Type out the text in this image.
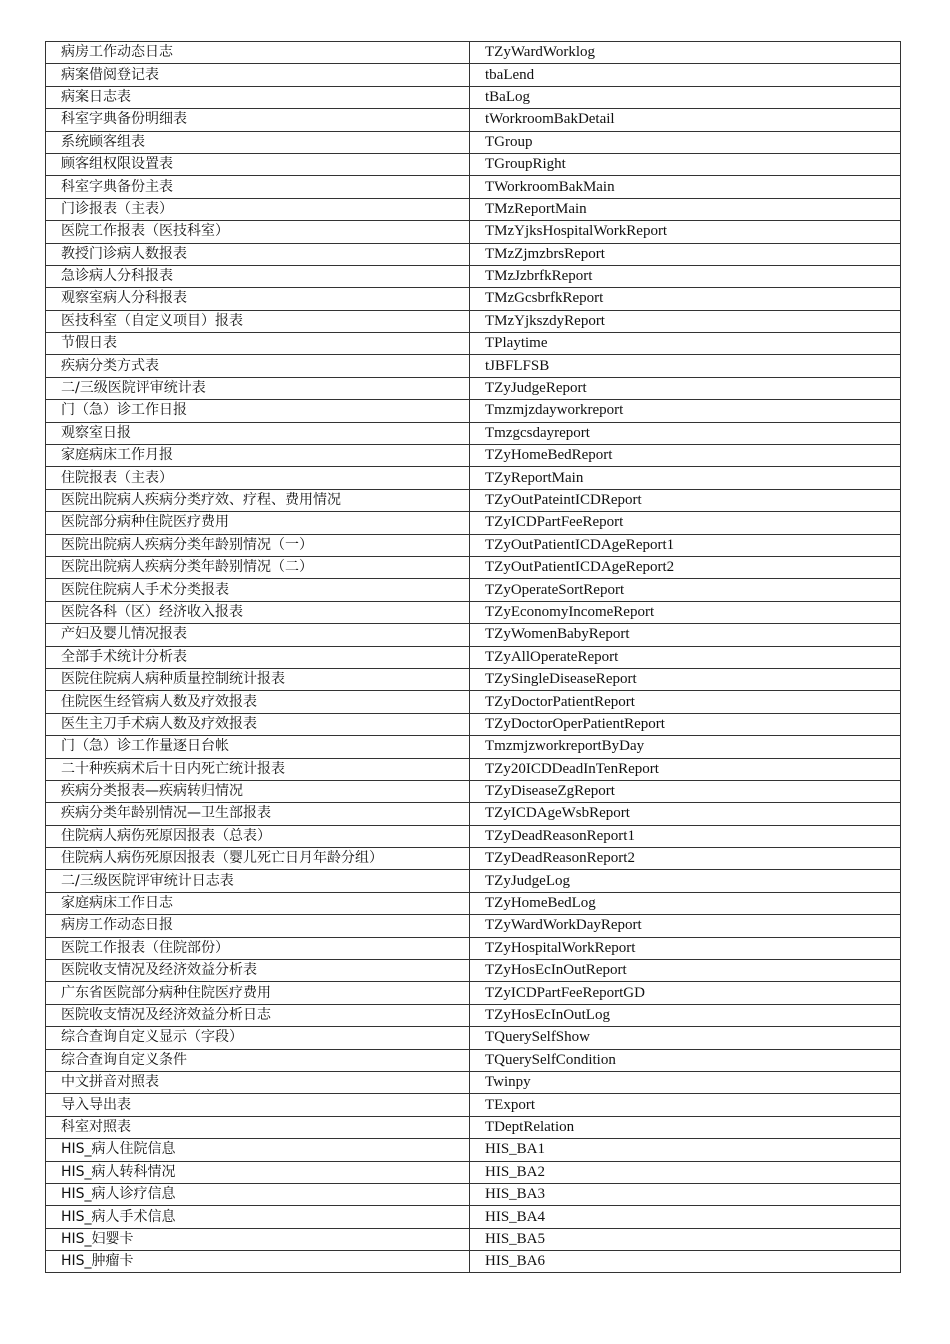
病房工作动态日志	TZyWardWorklog
病案借阅登记表	tbaLend
病案日志表	tBaLog
科室字典备份明细表	tWorkroomBakDetail
系统顾客组表	TGroup
顾客组权限设置表	TGroupRight
科室字典备份主表	TWorkroomBakMain
门诊报表（主表）	TMzReportMain
医院工作报表（医技科室）	TMzYjksHospitalWorkReport
教授门诊病人数报表	TMzZjmzbrsReport
急诊病人分科报表	TMzJzbrfkReport
观察室病人分科报表	TMzGcsbrfkReport
医技科室（自定义项目）报表	TMzYjkszdyReport
节假日表	TPlaytime
疾病分类方式表	tJBFLFSB
二/三级医院评审统计表	TZyJudgeReport
门（急）诊工作日报	Tmzmjzdayworkreport
观察室日报	Tmzgcsdayreport
家庭病床工作月报	TZyHomeBedReport
住院报表（主表）	TZyReportMain
医院出院病人疾病分类疗效、疗程、费用情况	TZyOutPateintICDReport
医院部分病种住院医疗费用	TZyICDPartFeeReport
医院出院病人疾病分类年龄别情况（一）	TZyOutPatientICDAgeReport1
医院出院病人疾病分类年龄别情况（二）	TZyOutPatientICDAgeReport2
医院住院病人手术分类报表	TZyOperateSortReport
医院各科（区）经济收入报表	TZyEconomyIncomeReport
产妇及婴儿情况报表	TZyWomenBabyReport
全部手术统计分析表	TZyAllOperateReport
医院住院病人病种质量控制统计报表	TZySingleDiseaseReport
住院医生经管病人数及疗效报表	TZyDoctorPatientReport
医生主刀手术病人数及疗效报表	TZyDoctorOperPatientReport
门（急）诊工作量逐日台帐	TmzmjzworkreportByDay
二十种疾病术后十日内死亡统计报表	TZy20ICDDeadInTenReport
疾病分类报表—疾病转归情况	TZyDiseaseZgReport
疾病分类年龄别情况—卫生部报表	TZyICDAgeWsbReport
住院病人病伤死原因报表（总表）	TZyDeadReasonReport1
住院病人病伤死原因报表（婴儿死亡日月年龄分组）	TZyDeadReasonReport2
二/三级医院评审统计日志表	TZyJudgeLog
家庭病床工作日志	TZyHomeBedLog
病房工作动态日报	TZyWardWorkDayReport
医院工作报表（住院部份）	TZyHospitalWorkReport
医院收支情况及经济效益分析表	TZyHosEcInOutReport
广东省医院部分病种住院医疗费用	TZyICDPartFeeReportGD
医院收支情况及经济效益分析日志	TZyHosEcInOutLog
综合查询自定义显示（字段）	TQuerySelfShow
综合查询自定义条件	TQuerySelfCondition
中文拼音对照表	Twinpy
导入导出表	TExport
科室对照表	TDeptRelation
HIS_病人住院信息	HIS_BA1
HIS_病人转科情况	HIS_BA2
HIS_病人诊疗信息	HIS_BA3
HIS_病人手术信息	HIS_BA4
HIS_妇婴卡	HIS_BA5
HIS_肿瘤卡	HIS_BA6
